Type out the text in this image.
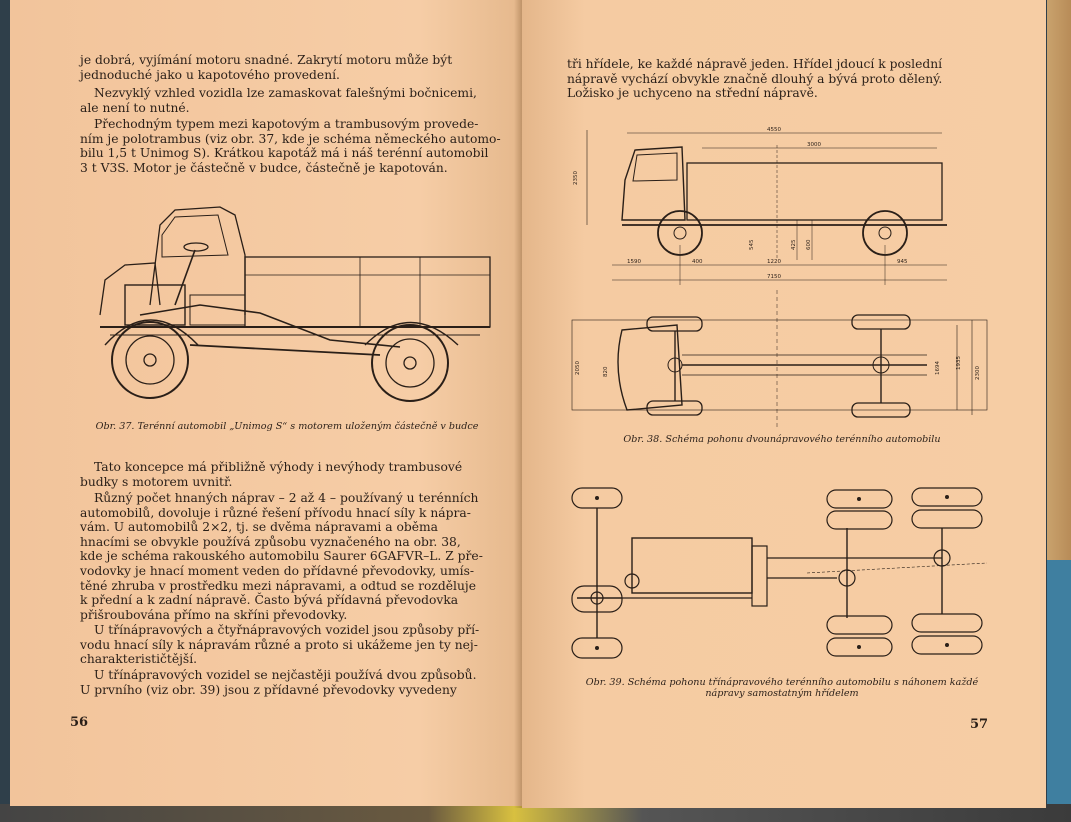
je dobrá, vyjímání motoru snadné. Zakrytí motoru může být
jednoduché jako u kapotového provedení.
Nezvyklý vzhled vozidla lze zamaskovat falešnými bočnicemi,
ale není to nutné.
Přechodným typem mezi kapotovým a trambusovým provede-
ním je polotrambus (viz obr. 37, kde je schéma německého automo-
bilu 1,5 t Unimog S). Krátkou kapotáž má i náš terénní automobil
3 t V3S. Motor je částečně v budce, částečně je kapotován.
Obr. 37. Terénní automobil „Unimog S“ s motorem uloženým částečně v budce
Tato koncepce má přibližně výhody i nevýhody trambusové
budky s motorem uvnitř.
Různý počet hnaných náprav – 2 až 4 – používaný u terénních
automobilů, dovoluje i různé řešení přívodu hnací síly k nápra-
vám. U automobilů 2×2, tj. se dvěma nápravami a oběma
hnacími se obvykle používá způsobu vyznačeného na obr. 38,
kde je schéma rakouského automobilu Saurer 6GAFVR–L. Z pře-
vodovky je hnací moment veden do přídavné převodovky, umís-
těné zhruba v prostředku mezi nápravami, a odtud se rozděluje
k přední a k zadní nápravě. Často bývá přídavná převodovka
přišroubována přímo na skříni převodovky.
U třínápravových a čtyřnápravových vozidel jsou způsoby pří-
vodu hnací síly k nápravám různé a proto si ukážeme jen ty nej-
charakterističtější.
U třínápravových vozidel se nejčastěji používá dvou způsobů.
U prvního (viz obr. 39) jsou z přídavné převodovky vyvedeny
56
tři hřídele, ke každé nápravě jeden. Hřídel jdoucí k poslední
nápravě vychází obvykle značně dlouhý a bývá proto dělený.
Ložisko je uchyceno na střední nápravě.
4550
3000
2350
1590	400	1220	945
7150
545	425 600
2050	820	1694	1935
2300
Obr. 38. Schéma pohonu dvounápravového terénního automobilu
Obr. 39. Schéma pohonu třínápravového terénního automobilu s náhonem každé
nápravy samostatným hřídelem
57
